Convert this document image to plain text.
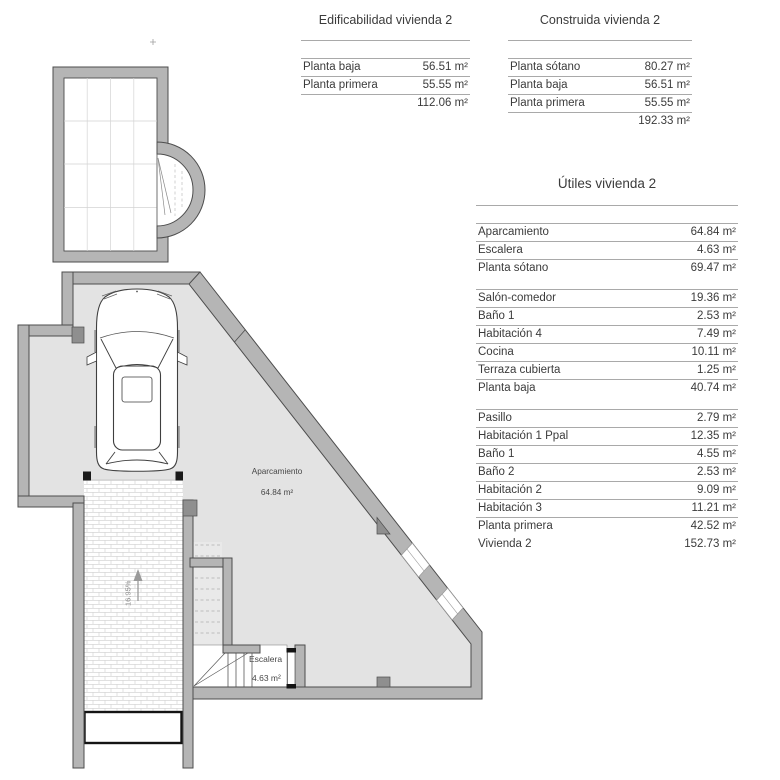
16.95%
Aparcamiento
64.84 m²
Escalera
4.63 m²
Edificabilidad vivienda 2
Planta baja	56.51 m²
Planta primera	55.55 m²
112.06 m²
Construida vivienda 2
Planta sótano	80.27 m²
Planta baja	56.51 m²
Planta primera	55.55 m²
192.33 m²
Útiles vivienda 2
Aparcamiento	64.84 m²
Escalera	4.63 m²
Planta sótano	69.47 m²
Salón-comedor	19.36 m²
Baño 1	2.53 m²
Habitación 4	7.49 m²
Cocina	10.11 m²
Terraza cubierta	1.25 m²
Planta baja	40.74 m²
Pasillo	2.79 m²
Habitación 1 Ppal	12.35 m²
Baño 1	4.55 m²
Baño 2	2.53 m²
Habitación 2	9.09 m²
Habitación 3	11.21 m²
Planta primera	42.52 m²
Vivienda 2	152.73 m²
